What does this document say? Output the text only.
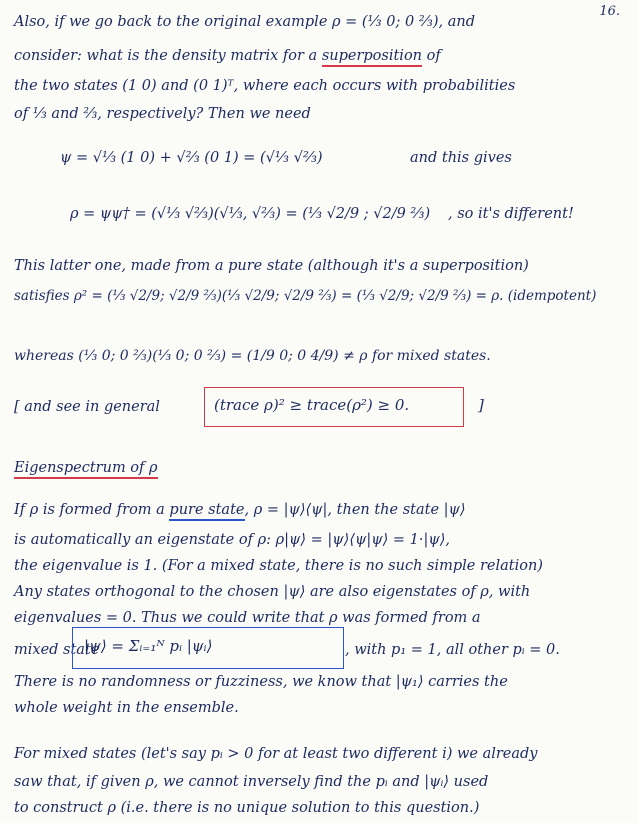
16.
Also, if we go back to the original example ρ = (⅓ 0; 0 ⅔), and
consider: what is the density matrix for a superposition of
the two states (1 0) and (0 1)ᵀ, where each occurs with probabilities
of ⅓ and ⅔, respectively? Then we need
ψ = √⅓ (1 0) + √⅔ (0 1) = (√⅓ √⅔)	and this gives
ρ = ψψ† = (√⅓ √⅔)(√⅓, √⅔) = (⅓ √2/9 ; √2/9 ⅔) , so it's different!
This latter one, made from a pure state (although it's a superposition)
satisfies ρ² = (⅓ √2/9; √2/9 ⅔)(⅓ √2/9; √2/9 ⅔) = (⅓ √2/9; √2/9 ⅔) = ρ. (idempotent)
whereas (⅓ 0; 0 ⅔)(⅓ 0; 0 ⅔) = (1/9 0; 0 4/9) ≠ ρ for mixed states.
[ and see in general	(trace ρ)² ≥ trace(ρ²) ≥ 0.	]
Eigenspectrum of ρ
If ρ is formed from a pure state, ρ = |ψ⟩⟨ψ|, then the state |ψ⟩
is automatically an eigenstate of ρ: ρ|ψ⟩ = |ψ⟩⟨ψ|ψ⟩ = 1·|ψ⟩,
the eigenvalue is 1. (For a mixed state, there is no such simple relation)
Any states orthogonal to the chosen |ψ⟩ are also eigenstates of ρ, with
eigenvalues = 0. Thus we could write that ρ was formed from a
mixed state
|ψ⟩ = Σᵢ₌₁ᴺ pᵢ |ψᵢ⟩	, with p₁ = 1, all other pᵢ = 0.
There is no randomness or fuzziness, we know that |ψ₁⟩ carries the
whole weight in the ensemble.
For mixed states (let's say pᵢ > 0 for at least two different i) we already
saw that, if given ρ, we cannot inversely find the pᵢ and |ψᵢ⟩ used
to construct ρ (i.e. there is no unique solution to this question.)
